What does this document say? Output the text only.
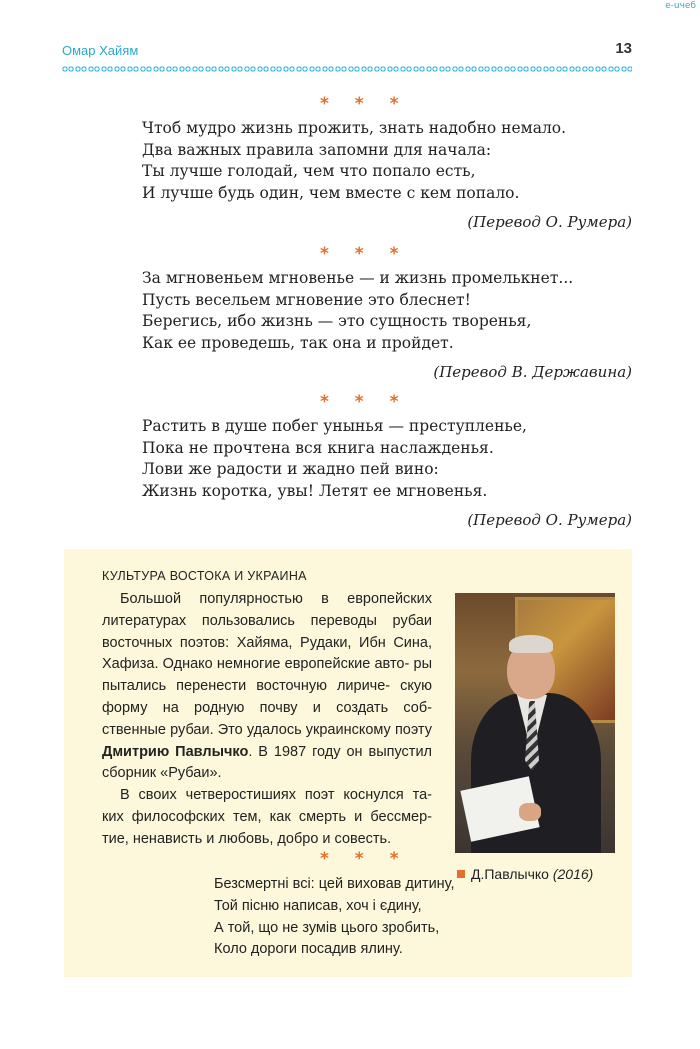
e-uчeб
Омар Хайям	13
* * *
Чтоб мудро жизнь прожить, знать надобно немало.
Два важных правила запомни для начала:
Ты лучше голодай, чем что попало есть,
И лучше будь один, чем вместе с кем попало.
(Перевод О. Румера)
* * *
За мгновеньем мгновенье — и жизнь промелькнет...
Пусть весельем мгновение это блеснет!
Берегись, ибо жизнь — это сущность творенья,
Как ее проведешь, так она и пройдет.
(Перевод В. Державина)
* * *
Растить в душе побег унынья — преступленье,
Пока не прочтена вся книга наслажденья.
Лови же радости и жадно пей вино:
Жизнь коротка, увы! Летят ее мгновенья.
(Перевод О. Румера)
КУЛЬТУРА ВОСТОКА И УКРАИНА

Большой популярностью в европейских литературах пользовались переводы рубаи восточных поэтов: Хайяма, Рудаки, Ибн Сина, Хафиза. Однако немногие европейские авто- ры пытались перенести восточную лириче- скую форму на родную почву и создать соб- ственные рубаи. Это удалось украинскому поэту Дмитрию Павлычко. В 1987 году он выпустил сборник «Рубаи».

В своих четверостишиях поэт коснулся та- ких философских тем, как смерть и бессмер- тие, ненависть и любовь, добро и совесть.

Д.Павлычко (2016)
* * *
Безсмертні всі: цей виховав дитину,
Той пісню написав, хоч і єдину,
А той, що не зумів цього зробить,
Коло дороги посадив ялину.
